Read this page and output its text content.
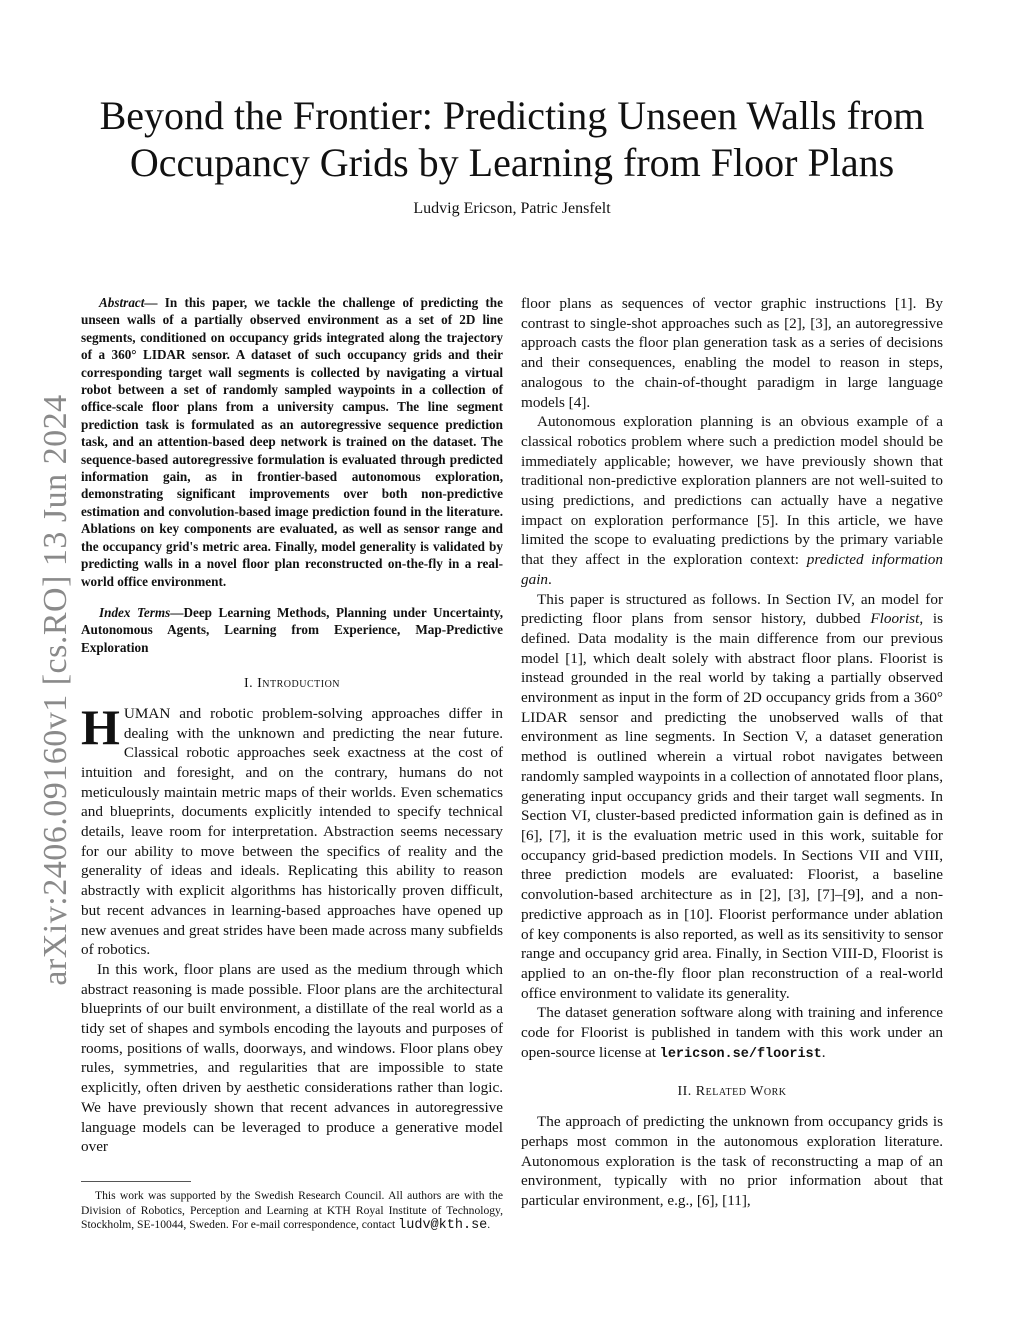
arXiv:2406.09160v1 [cs.RO] 13 Jun 2024
Beyond the Frontier: Predicting Unseen Walls from
Occupancy Grids by Learning from Floor Plans
Ludvig Ericson, Patric Jensfelt

Abstract— In this paper, we tackle the challenge of predicting the unseen walls of a partially observed environment as a set of 2D line segments, conditioned on occupancy grids integrated along the trajectory of a 360° LIDAR sensor. A dataset of such occupancy grids and their corresponding target wall segments is collected by navigating a virtual robot between a set of randomly sampled waypoints in a collection of office-scale floor plans from a university campus. The line segment prediction task is formulated as an autoregressive sequence prediction task, and an attention-based deep network is trained on the dataset. The sequence-based autoregressive formulation is evaluated through predicted information gain, as in frontier-based autonomous exploration, demonstrating significant improvements over both non-predictive estimation and convolution-based image prediction found in the literature. Ablations on key components are evaluated, as well as sensor range and the occupancy grid's metric area. Finally, model generality is validated by predicting walls in a novel floor plan reconstructed on-the-fly in a real-world office environment.

Index Terms—Deep Learning Methods, Planning under Uncertainty, Autonomous Agents, Learning from Experience, Map-Predictive Exploration

I. Introduction

HUMAN and robotic problem-solving approaches differ in dealing with the unknown and predicting the near future. Classical robotic approaches seek exactness at the cost of intuition and foresight, and on the contrary, humans do not meticulously maintain metric maps of their worlds. Even schematics and blueprints, documents explicitly intended to specify technical details, leave room for interpretation. Abstraction seems necessary for our ability to move between the specifics of reality and the generality of ideas and ideals. Replicating this ability to reason abstractly with explicit algorithms has historically proven difficult, but recent advances in learning-based approaches have opened up new avenues and great strides have been made across many subfields of robotics.

In this work, floor plans are used as the medium through which abstract reasoning is made possible. Floor plans are the architectural blueprints of our built environment, a distillate of the real world as a tidy set of shapes and symbols encoding the layouts and purposes of rooms, positions of walls, doorways, and windows. Floor plans obey rules, symmetries, and regularities that are impossible to state explicitly, often driven by aesthetic considerations rather than logic. We have previously shown that recent advances in autoregressive language models can be leveraged to produce a generative model over

floor plans as sequences of vector graphic instructions [1]. By contrast to single-shot approaches such as [2], [3], an autoregressive approach casts the floor plan generation task as a series of decisions and their consequences, enabling the model to reason in steps, analogous to the chain-of-thought paradigm in large language models [4].

Autonomous exploration planning is an obvious example of a classical robotics problem where such a prediction model should be immediately applicable; however, we have previously shown that traditional non-predictive exploration planners are not well-suited to using predictions, and predictions can actually have a negative impact on exploration performance [5]. In this article, we have limited the scope to evaluating predictions by the primary variable that they affect in the exploration context: predicted information gain.

This paper is structured as follows. In Section IV, an model for predicting floor plans from sensor history, dubbed Floorist, is defined. Data modality is the main difference from our previous model [1], which dealt solely with abstract floor plans. Floorist is instead grounded in the real world by taking a partially observed environment as input in the form of 2D occupancy grids from a 360° LIDAR sensor and predicting the unobserved walls of that environment as line segments. In Section V, a dataset generation method is outlined wherein a virtual robot navigates between randomly sampled waypoints in a collection of annotated floor plans, generating input occupancy grids and their target wall segments. In Section VI, cluster-based predicted information gain is defined as in [6], [7], it is the evaluation metric used in this work, suitable for occupancy grid-based prediction models. In Sections VII and VIII, three prediction models are evaluated: Floorist, a baseline convolution-based architecture as in [2], [3], [7]–[9], and a non-predictive approach as in [10]. Floorist performance under ablation of key components is also reported, as well as its sensitivity to sensor range and occupancy grid area. Finally, in Section VIII-D, Floorist is applied to an on-the-fly floor plan reconstruction of a real-world office environment to validate its generality.

The dataset generation software along with training and inference code for Floorist is published in tandem with this work under an open-source license at lericson.se/floorist.

II. Related Work

The approach of predicting the unknown from occupancy grids is perhaps most common in the autonomous exploration literature. Autonomous exploration is the task of reconstructing a map of an environment, typically with no prior information about that particular environment, e.g., [6], [11],

This work was supported by the Swedish Research Council. All authors are with the Division of Robotics, Perception and Learning at KTH Royal Institute of Technology, Stockholm, SE-10044, Sweden. For e-mail correspondence, contact ludv@kth.se.
